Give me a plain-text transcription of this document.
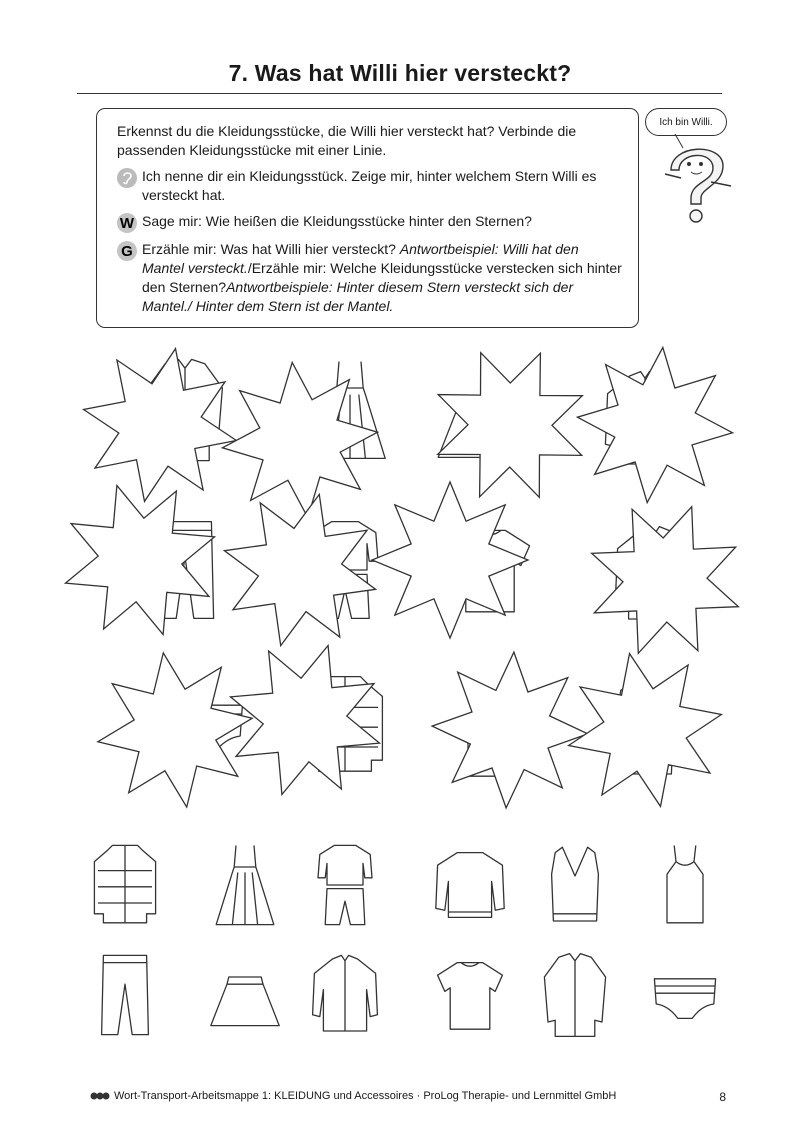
7. Was hat Willi hier versteckt?

Erkennst du die Kleidungsstücke, die Willi hier versteckt hat? Verbinde die passenden Kleidungsstücke mit einer Linie.

Ich nenne dir ein Kleidungsstück. Zeige mir, hinter welchem Stern Willi es versteckt hat.

W Sage mir: Wie heißen die Kleidungsstücke hinter den Sternen?

G Erzähle mir: Was hat Willi hier versteckt? Antwortbeispiel: Willi hat den Mantel versteckt./Erzähle mir: Welche Kleidungsstücke verstecken sich hinter den Sternen?Antwortbeispiele: Hinter diesem Stern versteckt sich der Mantel./ Hinter dem Stern ist der Mantel.

Ich bin Willi.
Wort-Transport-Arbeitsmappe 1: KLEIDUNG und Accessoires · ProLog Therapie- und Lernmittel GmbH	8
